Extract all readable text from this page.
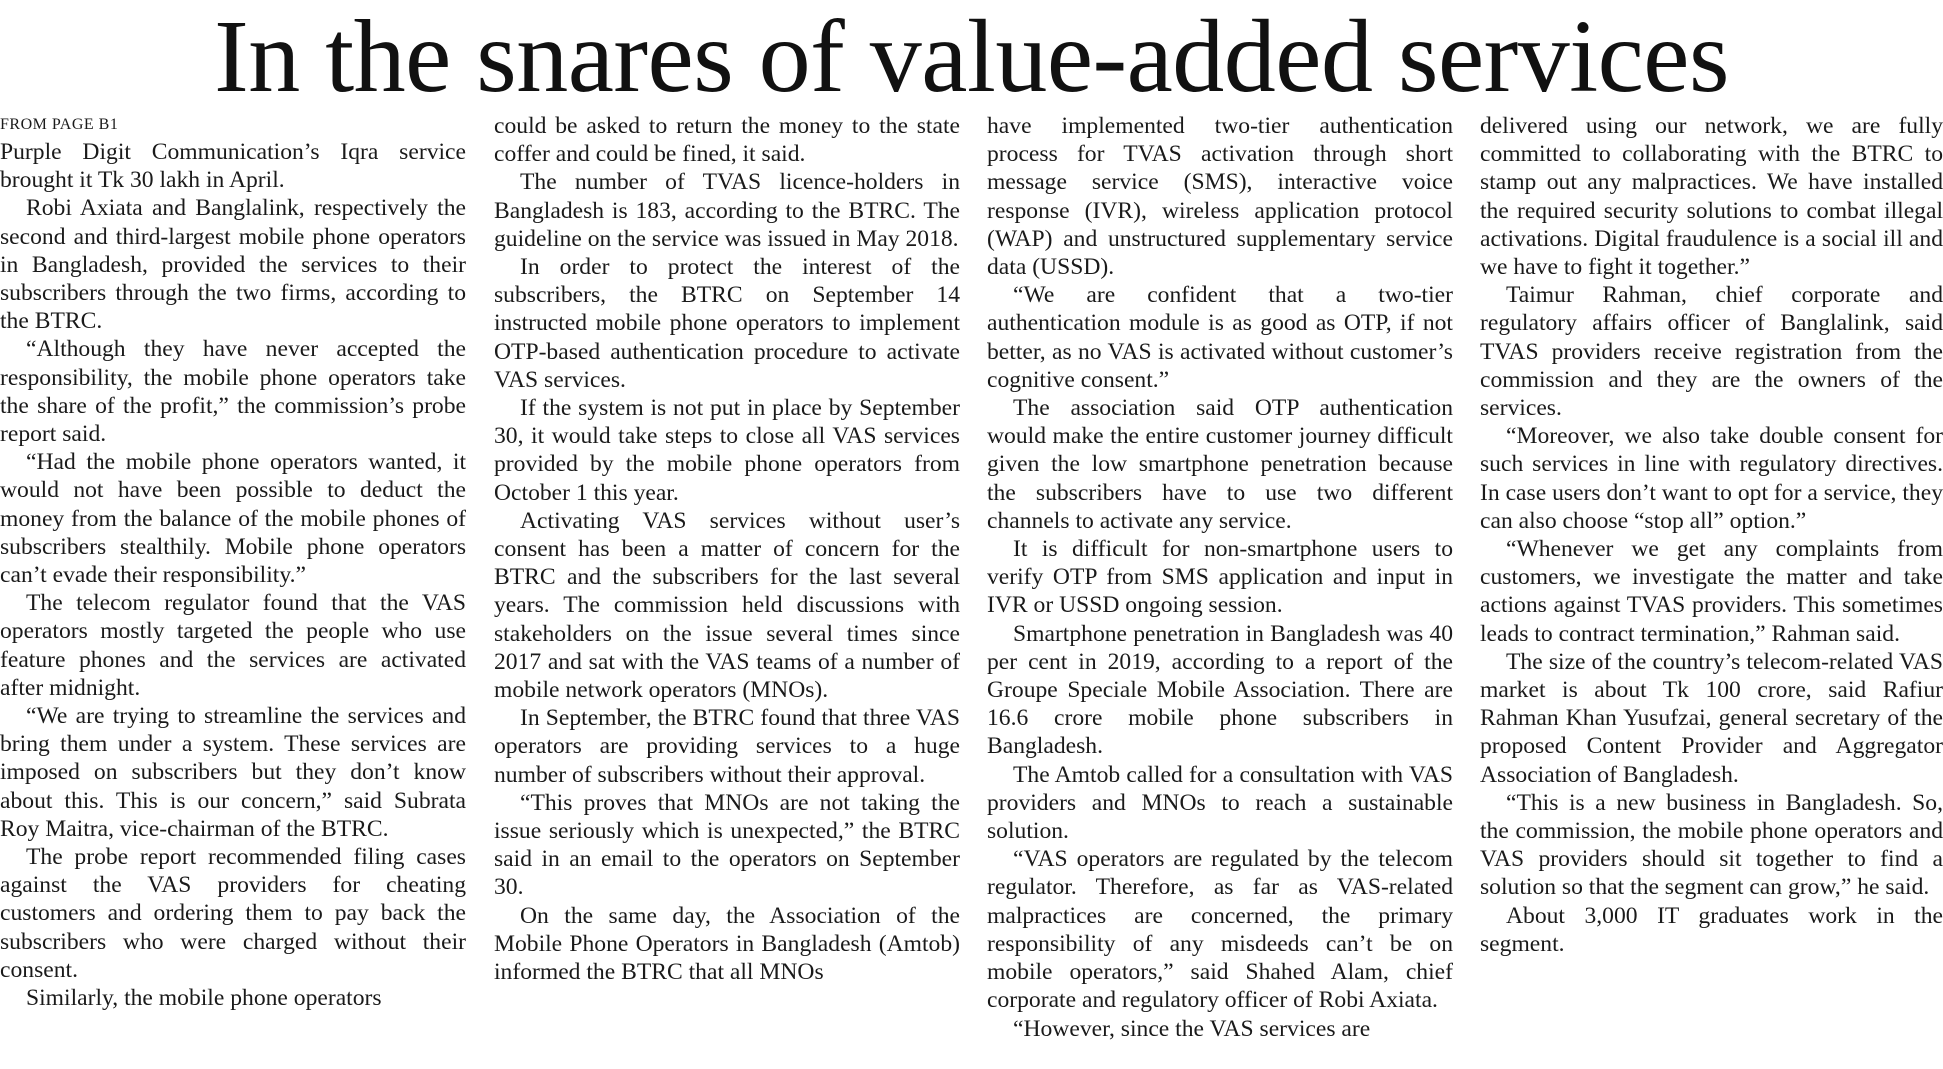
In the snares of value-added services
FROM PAGE B1

Purple Digit Communication’s Iqra service brought it Tk 30 lakh in April.

Robi Axiata and Banglalink, respectively the second and third-largest mobile phone operators in Bangladesh, provided the services to their subscribers through the two firms, according to the BTRC.

“Although they have never accepted the responsibility, the mobile phone operators take the share of the profit,” the commission’s probe report said.

“Had the mobile phone operators wanted, it would not have been possible to deduct the money from the balance of the mobile phones of subscribers stealthily. Mobile phone operators can’t evade their responsibility.”

The telecom regulator found that the VAS operators mostly targeted the people who use feature phones and the services are activated after midnight.

“We are trying to streamline the services and bring them under a system. These services are imposed on subscribers but they don’t know about this. This is our concern,” said Subrata Roy Maitra, vice-chairman of the BTRC.

The probe report recommended filing cases against the VAS providers for cheating customers and ordering them to pay back the subscribers who were charged without their consent.

Similarly, the mobile phone operators

could be asked to return the money to the state coffer and could be fined, it said.

The number of TVAS licence-holders in Bangladesh is 183, according to the BTRC. The guideline on the service was issued in May 2018.

In order to protect the interest of the subscribers, the BTRC on September 14 instructed mobile phone operators to implement OTP-based authentication procedure to activate VAS services.

If the system is not put in place by September 30, it would take steps to close all VAS services provided by the mobile phone operators from October 1 this year.

Activating VAS services without user’s consent has been a matter of concern for the BTRC and the subscribers for the last several years. The commission held discussions with stakeholders on the issue several times since 2017 and sat with the VAS teams of a number of mobile network operators (MNOs).

In September, the BTRC found that three VAS operators are providing services to a huge number of subscribers without their approval.

“This proves that MNOs are not taking the issue seriously which is unexpected,” the BTRC said in an email to the operators on September 30.

On the same day, the Association of the Mobile Phone Operators in Bangladesh (Amtob) informed the BTRC that all MNOs

have implemented two-tier authentication process for TVAS activation through short message service (SMS), interactive voice response (IVR), wireless application protocol (WAP) and unstructured supplementary service data (USSD).

“We are confident that a two-tier authentication module is as good as OTP, if not better, as no VAS is activated without customer’s cognitive consent.”

The association said OTP authentication would make the entire customer journey difficult given the low smartphone penetration because the subscribers have to use two different channels to activate any service.

It is difficult for non-smartphone users to verify OTP from SMS application and input in IVR or USSD ongoing session.

Smartphone penetration in Bangladesh was 40 per cent in 2019, according to a report of the Groupe Speciale Mobile Association. There are 16.6 crore mobile phone subscribers in Bangladesh.

The Amtob called for a consultation with VAS providers and MNOs to reach a sustainable solution.

“VAS operators are regulated by the telecom regulator. Therefore, as far as VAS-related malpractices are concerned, the primary responsibility of any misdeeds can’t be on mobile operators,” said Shahed Alam, chief corporate and regulatory officer of Robi Axiata.

“However, since the VAS services are

delivered using our network, we are fully committed to collaborating with the BTRC to stamp out any malpractices. We have installed the required security solutions to combat illegal activations. Digital fraudulence is a social ill and we have to fight it together.”

Taimur Rahman, chief corporate and regulatory affairs officer of Banglalink, said TVAS providers receive registration from the commission and they are the owners of the services.

“Moreover, we also take double consent for such services in line with regulatory directives. In case users don’t want to opt for a service, they can also choose “stop all” option.”

“Whenever we get any complaints from customers, we investigate the matter and take actions against TVAS providers. This sometimes leads to contract termination,” Rahman said.

The size of the country’s telecom-related VAS market is about Tk 100 crore, said Rafiur Rahman Khan Yusufzai, general secretary of the proposed Content Provider and Aggregator Association of Bangladesh.

“This is a new business in Bangladesh. So, the commission, the mobile phone operators and VAS providers should sit together to find a solution so that the segment can grow,” he said.

About 3,000 IT graduates work in the segment.
